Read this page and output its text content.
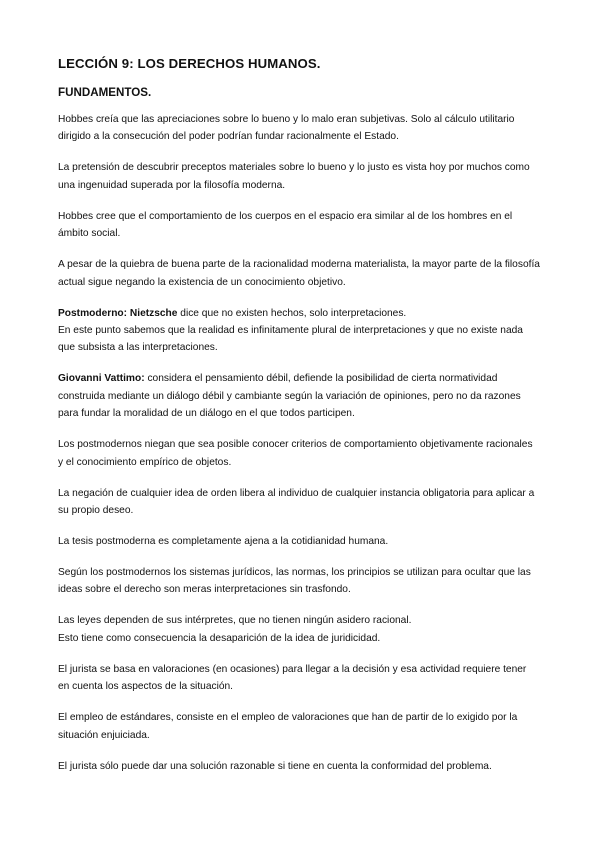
LECCIÓN 9: LOS DERECHOS HUMANOS.
FUNDAMENTOS.

Hobbes creía que las apreciaciones sobre lo bueno y lo malo eran subjetivas. Solo al cálculo utilitario dirigido a la consecución del poder podrían fundar racionalmente el Estado.

La pretensión de descubrir preceptos materiales sobre lo bueno y lo justo es vista hoy por muchos como una ingenuidad superada por la filosofía moderna.

Hobbes cree que el comportamiento de los cuerpos en el espacio era similar al de los hombres en el ámbito social.

A pesar de la quiebra de buena parte de la racionalidad moderna materialista, la mayor parte de la filosofía actual sigue negando la existencia de un conocimiento objetivo.

Postmoderno: Nietzsche dice que no existen hechos, solo interpretaciones.
En este punto sabemos que la realidad es infinitamente plural de interpretaciones y que no existe nada que subsista a las interpretaciones.

Giovanni Vattimo: considera el pensamiento débil, defiende la posibilidad de cierta normatividad construida mediante un diálogo débil y cambiante según la variación de opiniones, pero no da razones para fundar la moralidad de un diálogo en el que todos participen.

Los postmodernos niegan que sea posible conocer criterios de comportamiento objetivamente racionales y el conocimiento empírico de objetos.

La negación de cualquier idea de orden libera al individuo de cualquier instancia obligatoria para aplicar a su propio deseo.

La tesis postmoderna es completamente ajena a la cotidianidad humana.

Según los postmodernos los sistemas jurídicos, las normas, los principios se utilizan para ocultar que las ideas sobre el derecho son meras interpretaciones sin trasfondo.

Las leyes dependen de sus intérpretes, que no tienen ningún asidero racional.
Esto tiene como consecuencia la desaparición de la idea de juridicidad.

El jurista se basa en valoraciones (en ocasiones) para llegar a la decisión y esa actividad requiere tener en cuenta los aspectos de la situación.

El empleo de estándares, consiste en el empleo de valoraciones que han de partir de lo exigido por la situación enjuiciada.

El jurista sólo puede dar una solución razonable si tiene en cuenta la conformidad del problema.
